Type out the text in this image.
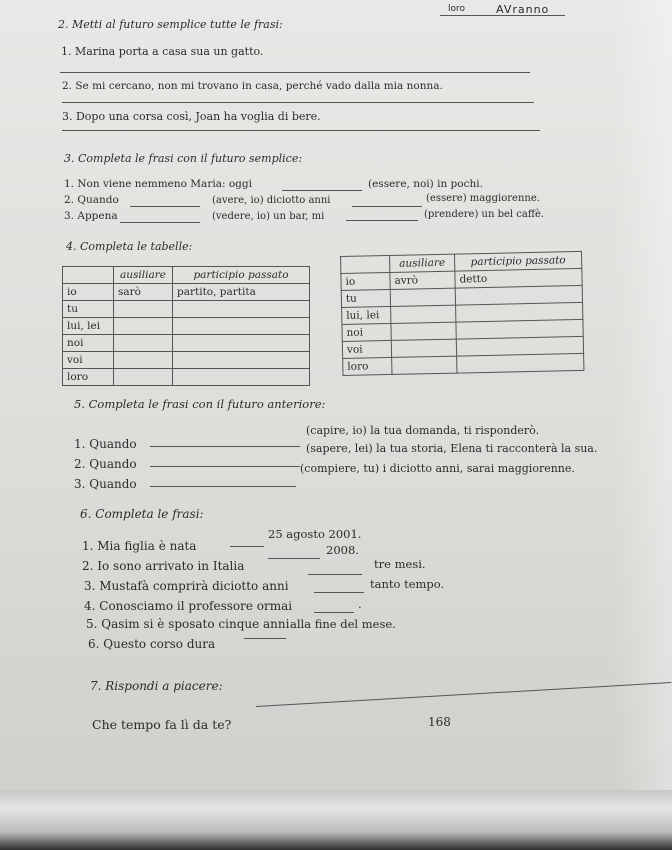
loro	AVranno
2. Metti al futuro semplice tutte le frasi:
1. Marina porta a casa sua un gatto.
2. Se mi cercano, non mi trovano in casa, perché vado dalla mia nonna.
3. Dopo una corsa così, Joan ha voglia di bere.
3. Completa le frasi con il futuro semplice:
1. Non viene nemmeno Maria: oggi	(essere, noi) in pochi.
2. Quando	(avere, io) diciotto anni	(essere) maggiorenne.
3. Appena	(vedere, io) un bar, mi	(prendere) un bel caffè.
4. Completa le tabelle:
	ausiliare	participio passato
io	sarò	partito, partita
tu		
lui, lei		
noi		
voi		
loro		
	ausiliare	participio passato
io	avrò	detto
tu		
lui, lei		
noi		
voi		
loro		
5. Completa le frasi con il futuro anteriore:
1. Quando
(capire, io) la tua domanda, ti risponderò.
2. Quando
(sapere, lei) la tua storia, Elena ti racconterà la sua.
3. Quando
(compiere, tu) i diciotto anni, sarai maggiorenne.
6. Completa le frasi:
1. Mia figlia è nata
25 agosto 2001.
2. Io sono arrivato in Italia
2008.
3. Mustafà comprirà diciotto anni
tre mesi.
4. Conosciamo il professore ormai
tanto tempo.
5. Qasim si è sposato cinque anni
.
6. Questo corso dura
alla fine del mese.
7. Rispondi a piacere:
Che tempo fa lì da te?	168
